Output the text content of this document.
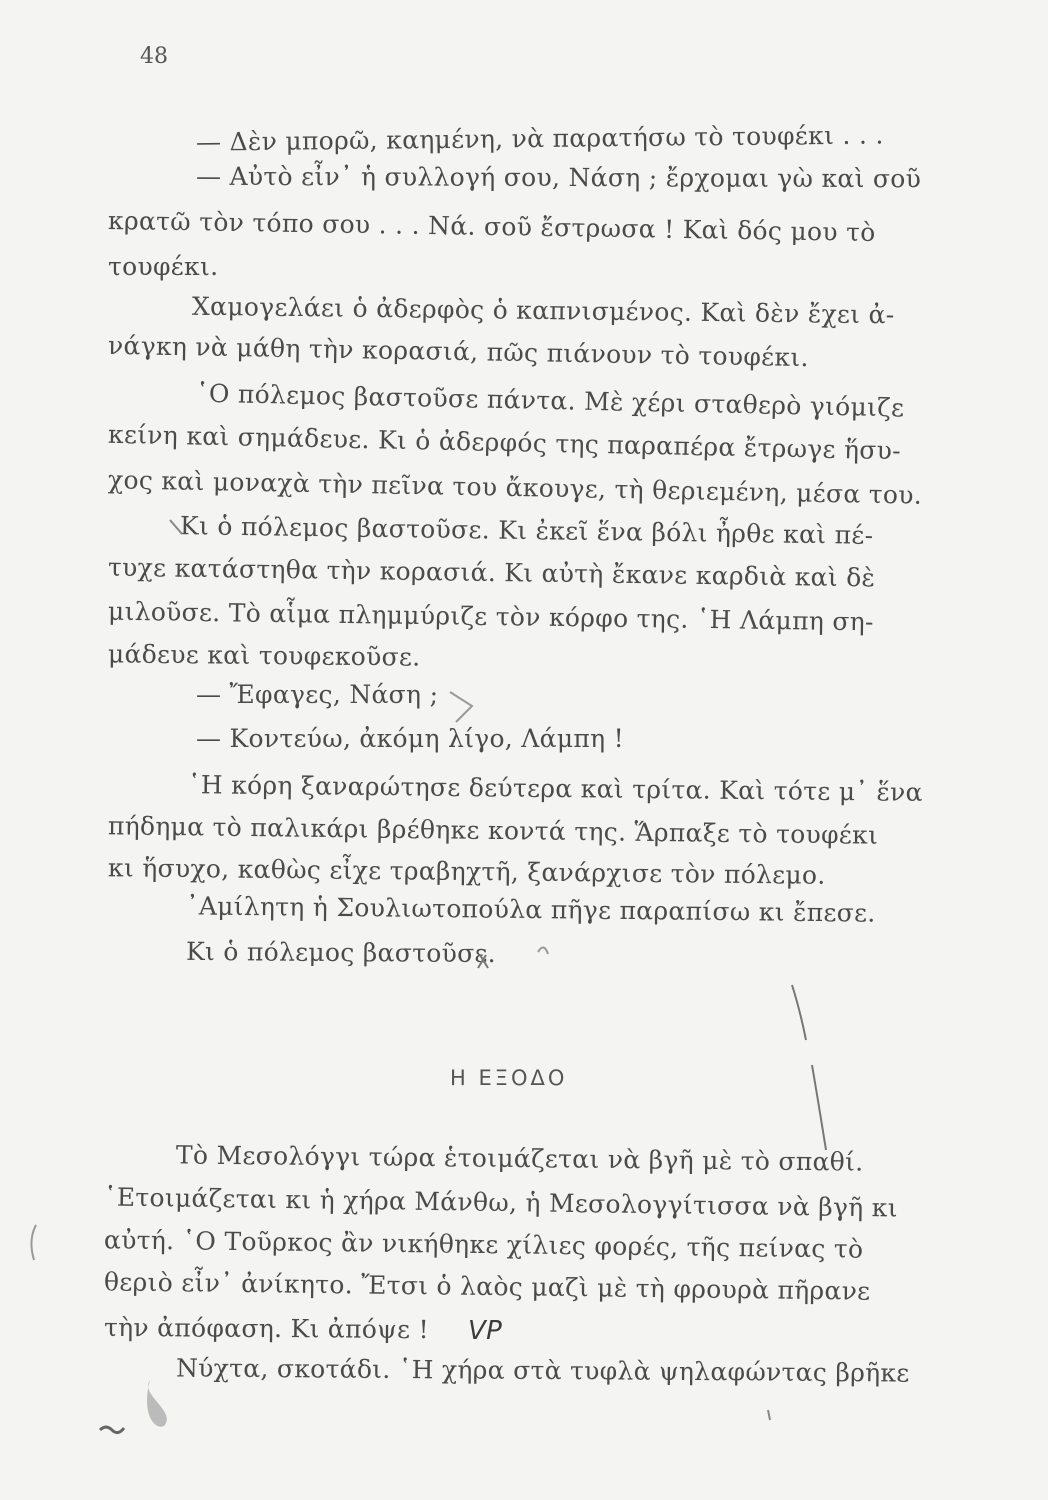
48
— Δὲν μπορῶ, καημένη, νὰ παρατήσω τὸ τουφέκι . . .
— Αὐτὸ εἶν᾽ ἡ συλλογή σου, Νάση ; ἔρχομαι γὼ καὶ σοῦ
κρατῶ τὸν τόπο σου . . . Νά. σοῦ ἔστρωσα ! Καὶ δός μου τὸ
τουφέκι.
Χαμογελάει ὁ ἀδερφὸς ὁ καπνισμένος. Καὶ δὲν ἔχει ἀ-
νάγκη νὰ μάθη τὴν κορασιά, πῶς πιάνουν τὸ τουφέκι.
῾Ο πόλεμος βαστοῦσε πάντα. Μὲ χέρι σταθερὸ γιόμιζε
κείνη καὶ σημάδευε. Κι ὁ ἀδερφός της παραπέρα ἔτρωγε ἥσυ-
χος καὶ μοναχὰ τὴν πεῖνα του ἄκουγε, τὴ θεριεμένη, μέσα του.
Κι ὁ πόλεμος βαστοῦσε. Κι ἐκεῖ ἕνα βόλι ἦρθε καὶ πέ-
τυχε κατάστηθα τὴν κορασιά. Κι αὐτὴ ἔκανε καρδιὰ καὶ δὲ
μιλοῦσε. Τὸ αἷμα πλημμύριζε τὸν κόρφο της. ῾Η Λάμπη ση-
μάδευε καὶ τουφεκοῦσε.
— Ἔφαγες, Νάση ;
— Κοντεύω, ἀκόμη λίγο, Λάμπη !
῾Η κόρη ξαναρώτησε δεύτερα καὶ τρίτα. Καὶ τότε μ᾽ ἕνα
πήδημα τὸ παλικάρι βρέθηκε κοντά της. Ἅρπαξε τὸ τουφέκι
κι ἥσυχο, καθὼς εἶχε τραβηχτῆ, ξανάρχισε τὸν πόλεμο.
᾽Αμίλητη ἡ Σουλιωτοπούλα πῆγε παραπίσω κι ἔπεσε.
Κι ὁ πόλεμος βαστοῦσε.
Η ΕΞΟΔΟ
Τὸ Μεσολόγγι τώρα ἑτοιμάζεται νὰ βγῆ μὲ τὸ σπαθί.
῾Ετοιμάζεται κι ἡ χήρα Μάνθω, ἡ Μεσολογγίτισσα νὰ βγῆ κι
αὐτή. ῾Ο Τοῦρκος ἂν νικήθηκε χίλιες φορές, τῆς πείνας τὸ
θεριὸ εἶν᾽ ἀνίκητο. Ἔτσι ὁ λαὸς μαζὶ μὲ τὴ φρουρὰ πῆρανε
τὴν ἀπόφαση. Κι ἀπόψε !
Νύχτα, σκοτάδι. ῾Η χήρα στὰ τυφλὰ ψηλαφώντας βρῆκε
VP
